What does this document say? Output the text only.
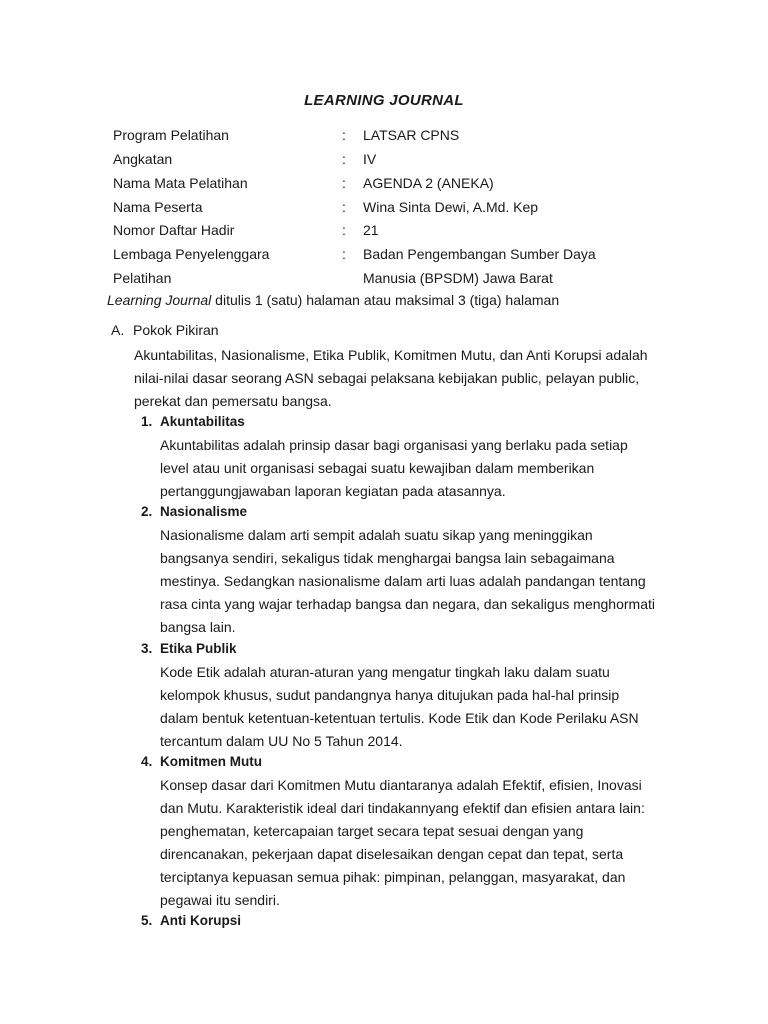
LEARNING JOURNAL
Program Pelatihan	: LATSAR CPNS
Angkatan	: IV
Nama Mata Pelatihan	: AGENDA 2 (ANEKA)
Nama Peserta	: Wina Sinta Dewi, A.Md. Kep
Nomor Daftar Hadir	: 21
Lembaga Penyelenggara	: Badan Pengembangan Sumber Daya
Pelatihan	Manusia (BPSDM) Jawa Barat
Learning Journal ditulis 1 (satu) halaman atau maksimal 3 (tiga) halaman
A. Pokok Pikiran
Akuntabilitas, Nasionalisme, Etika Publik, Komitmen Mutu, dan Anti Korupsi adalah nilai-nilai dasar seorang ASN sebagai pelaksana kebijakan public, pelayan public, perekat dan pemersatu bangsa.
1. Akuntabilitas
Akuntabilitas adalah prinsip dasar bagi organisasi yang berlaku pada setiap level atau unit organisasi sebagai suatu kewajiban dalam memberikan pertanggungjawaban laporan kegiatan pada atasannya.
2. Nasionalisme
Nasionalisme dalam arti sempit adalah suatu sikap yang meninggikan bangsanya sendiri, sekaligus tidak menghargai bangsa lain sebagaimana mestinya. Sedangkan nasionalisme dalam arti luas adalah pandangan tentang rasa cinta yang wajar terhadap bangsa dan negara, dan sekaligus menghormati bangsa lain.
3. Etika Publik
Kode Etik adalah aturan-aturan yang mengatur tingkah laku dalam suatu kelompok khusus, sudut pandangnya hanya ditujukan pada hal-hal prinsip dalam bentuk ketentuan-ketentuan tertulis. Kode Etik dan Kode Perilaku ASN tercantum dalam UU No 5 Tahun 2014.
4. Komitmen Mutu
Konsep dasar dari Komitmen Mutu diantaranya adalah Efektif, efisien, Inovasi dan Mutu. Karakteristik ideal dari tindakannyang efektif dan efisien antara lain: penghematan, ketercapaian target secara tepat sesuai dengan yang direncanakan, pekerjaan dapat diselesaikan dengan cepat dan tepat, serta terciptanya kepuasan semua pihak: pimpinan, pelanggan, masyarakat, dan pegawai itu sendiri.
5. Anti Korupsi
